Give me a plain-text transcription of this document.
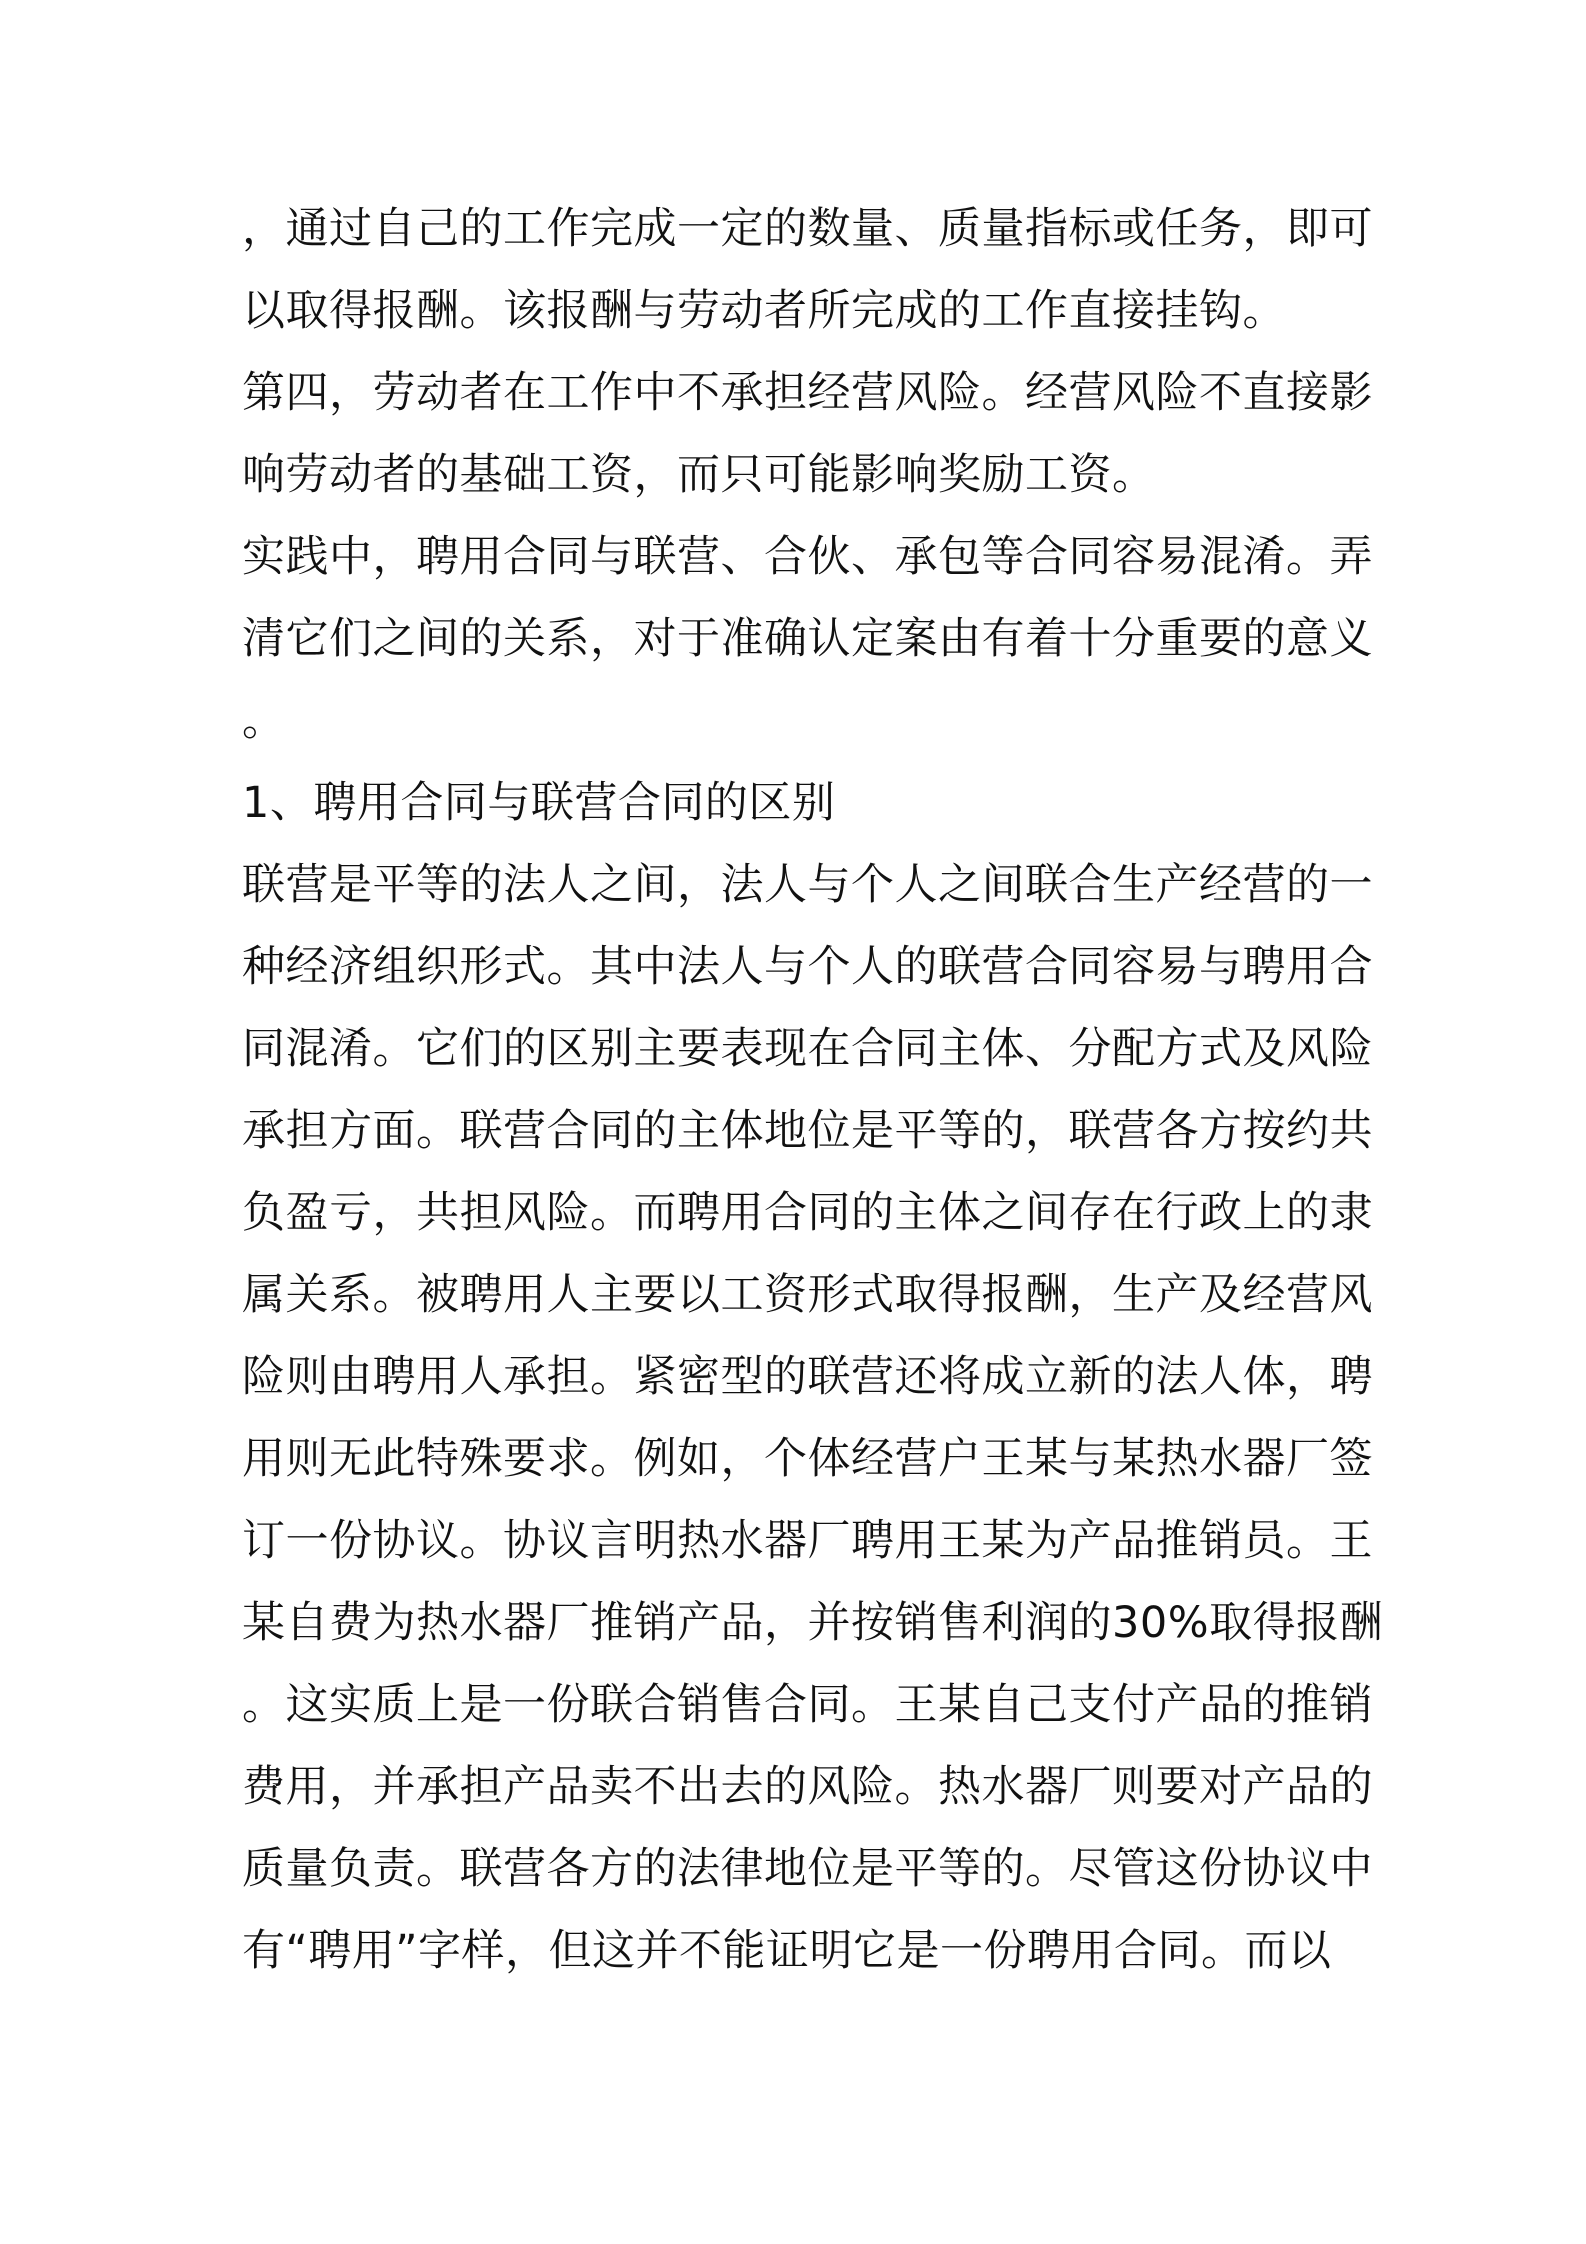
，通过自己的工作完成一定的数量、质量指标或任务，即可
以取得报酬。该报酬与劳动者所完成的工作直接挂钩。
第四，劳动者在工作中不承担经营风险。经营风险不直接影
响劳动者的基础工资，而只可能影响奖励工资。
实践中，聘用合同与联营、合伙、承包等合同容易混淆。弄
清它们之间的关系，对于准确认定案由有着十分重要的意义
。
1、聘用合同与联营合同的区别
联营是平等的法人之间，法人与个人之间联合生产经营的一
种经济组织形式。其中法人与个人的联营合同容易与聘用合
同混淆。它们的区别主要表现在合同主体、分配方式及风险
承担方面。联营合同的主体地位是平等的，联营各方按约共
负盈亏，共担风险。而聘用合同的主体之间存在行政上的隶
属关系。被聘用人主要以工资形式取得报酬，生产及经营风
险则由聘用人承担。紧密型的联营还将成立新的法人体，聘
用则无此特殊要求。例如，个体经营户王某与某热水器厂签
订一份协议。协议言明热水器厂聘用王某为产品推销员。王
某自费为热水器厂推销产品，并按销售利润的30%取得报酬
。这实质上是一份联合销售合同。王某自己支付产品的推销
费用，并承担产品卖不出去的风险。热水器厂则要对产品的
质量负责。联营各方的法律地位是平等的。尽管这份协议中
有“聘用”字样，但这并不能证明它是一份聘用合同。而以
